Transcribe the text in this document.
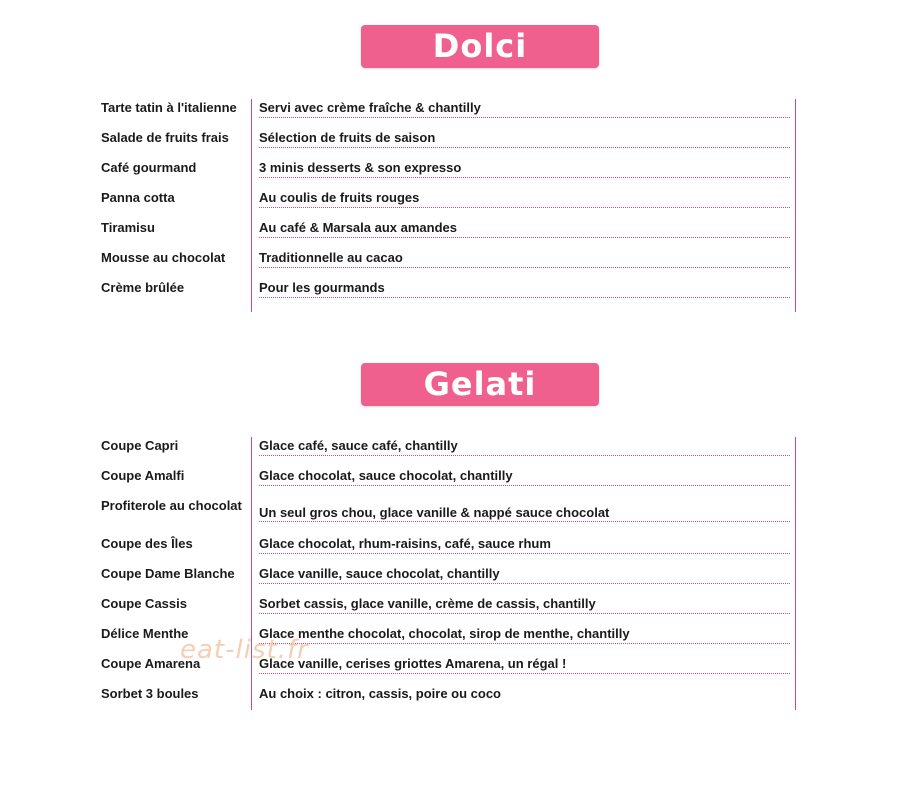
Dolci
Tarte tatin à l'italienne	Servi avec crème fraîche & chantilly
Salade de fruits frais	Sélection de fruits de saison
Café gourmand	3 minis desserts & son expresso
Panna cotta	Au coulis de fruits rouges
Tiramisu	Au café & Marsala aux amandes
Mousse au chocolat	Traditionnelle au cacao
Crème brûlée	Pour les gourmands
Gelati
Coupe Capri	Glace café, sauce café, chantilly
Coupe Amalfi	Glace chocolat, sauce chocolat, chantilly
Profiterole au chocolat	Un seul gros chou, glace vanille & nappé sauce chocolat
Coupe des Îles	Glace chocolat, rhum-raisins, café, sauce rhum
Coupe Dame Blanche	Glace vanille, sauce chocolat, chantilly
Coupe Cassis	Sorbet cassis, glace vanille, crème de cassis, chantilly
Délice Menthe	Glace menthe chocolat, chocolat, sirop de menthe, chantilly
Coupe Amarena	Glace vanille, cerises griottes Amarena, un régal !
Sorbet 3 boules	Au choix : citron, cassis, poire ou coco
eat-list.fr
